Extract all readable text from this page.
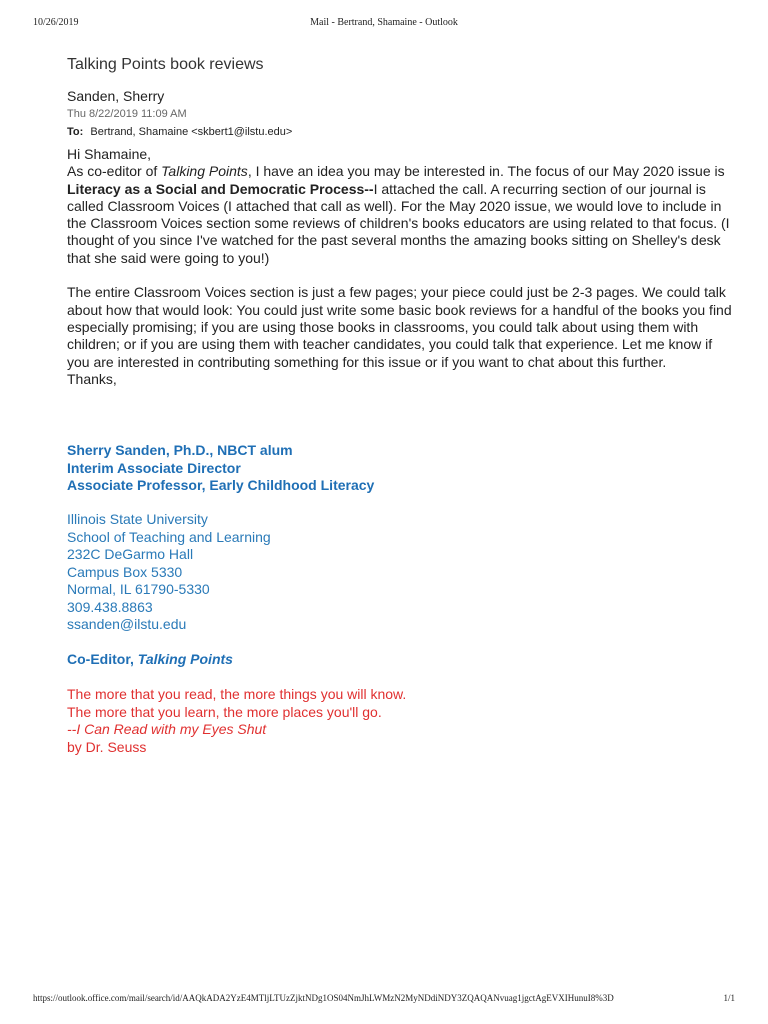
10/26/2019	Mail - Bertrand, Shamaine - Outlook
Talking Points book reviews
Sanden, Sherry
Thu 8/22/2019 11:09 AM
To: Bertrand, Shamaine <skbert1@ilstu.edu>

Hi Shamaine,

As co-editor of Talking Points, I have an idea you may be interested in. The focus of our May 2020 issue is Literacy as a Social and Democratic Process--I attached the call. A recurring section of our journal is called Classroom Voices (I attached that call as well). For the May 2020 issue, we would love to include in the Classroom Voices section some reviews of children's books educators are using related to that focus. (I thought of you since I've watched for the past several months the amazing books sitting on Shelley's desk that she said were going to you!)

The entire Classroom Voices section is just a few pages; your piece could just be 2-3 pages. We could talk about how that would look: You could just write some basic book reviews for a handful of the books you find especially promising; if you are using those books in classrooms, you could talk about using them with children; or if you are using them with teacher candidates, you could talk that experience. Let me know if you are interested in contributing something for this issue or if you want to chat about this further.

Thanks,

Sherry Sanden, Ph.D., NBCT alum
Interim Associate Director
Associate Professor, Early Childhood Literacy
Illinois State University
School of Teaching and Learning
232C DeGarmo Hall
Campus Box 5330
Normal, IL 61790-5330
309.438.8863
ssanden@ilstu.edu
Co-Editor, Talking Points
The more that you read, the more things you will know.
The more that you learn, the more places you'll go.
--I Can Read with my Eyes Shut
by Dr. Seuss
https://outlook.office.com/mail/search/id/AAQkADA2YzE4MTljLTUzZjktNDg1OS04NmJhLWMzN2MyNDdiNDY3ZQAQANvuag1jgctAgEVXIHunuI8%3D	1/1
